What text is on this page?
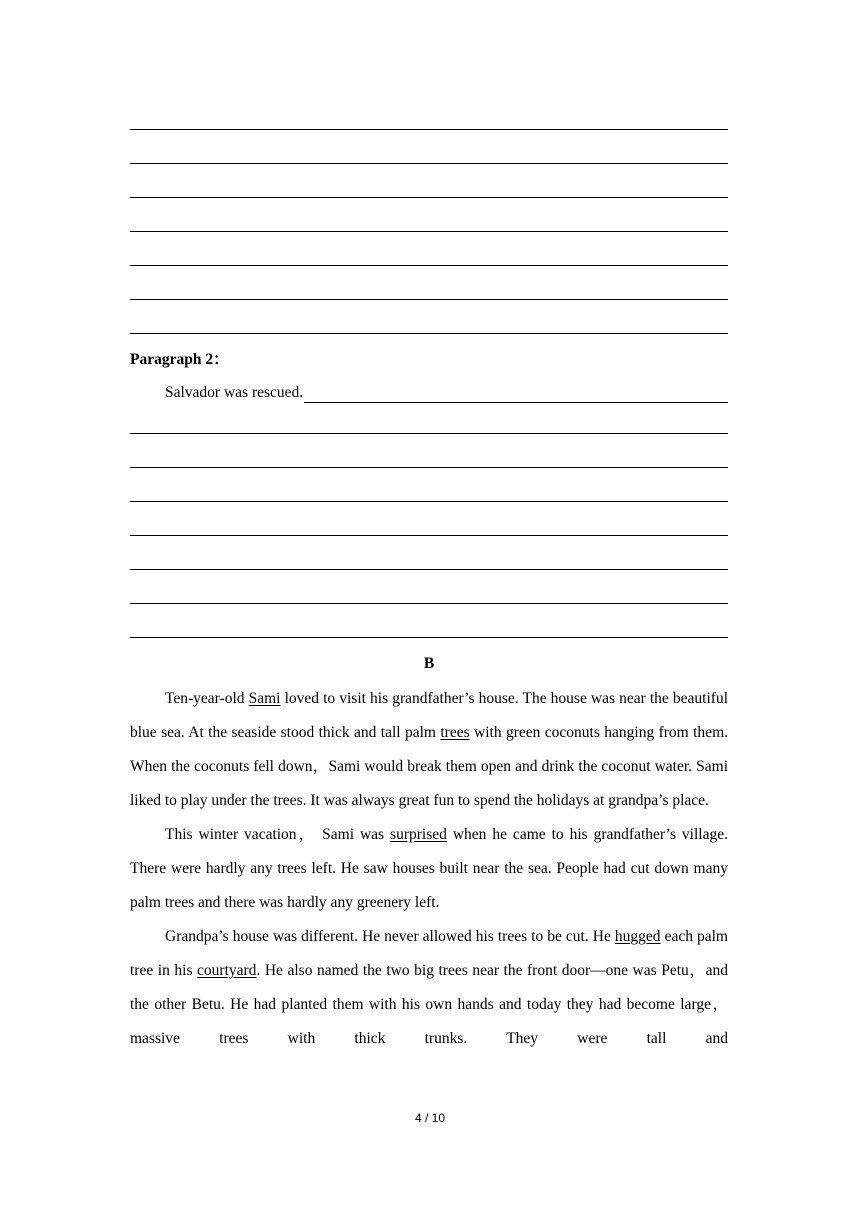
Paragraph 2：
Salvador was rescued.
B

Ten-year-old Sami loved to visit his grandfather’s house. The house was near the beautiful blue sea. At the seaside stood thick and tall palm trees with green coconuts hanging from them. When the coconuts fell down，Sami would break them open and drink the coconut water. Sami liked to play under the trees. It was always great fun to spend the holidays at grandpa’s place.

This winter vacation， Sami was surprised when he came to his grandfather’s village. There were hardly any trees left. He saw houses built near the sea. People had cut down many palm trees and there was hardly any greenery left.

Grandpa’s house was different. He never allowed his trees to be cut. He hugged each palm tree in his courtyard. He also named the two big trees near the front door—one was Petu，and the other Betu. He had planted them with his own hands and today they had become large， massive trees with thick trunks. They were tall and

4 / 10
